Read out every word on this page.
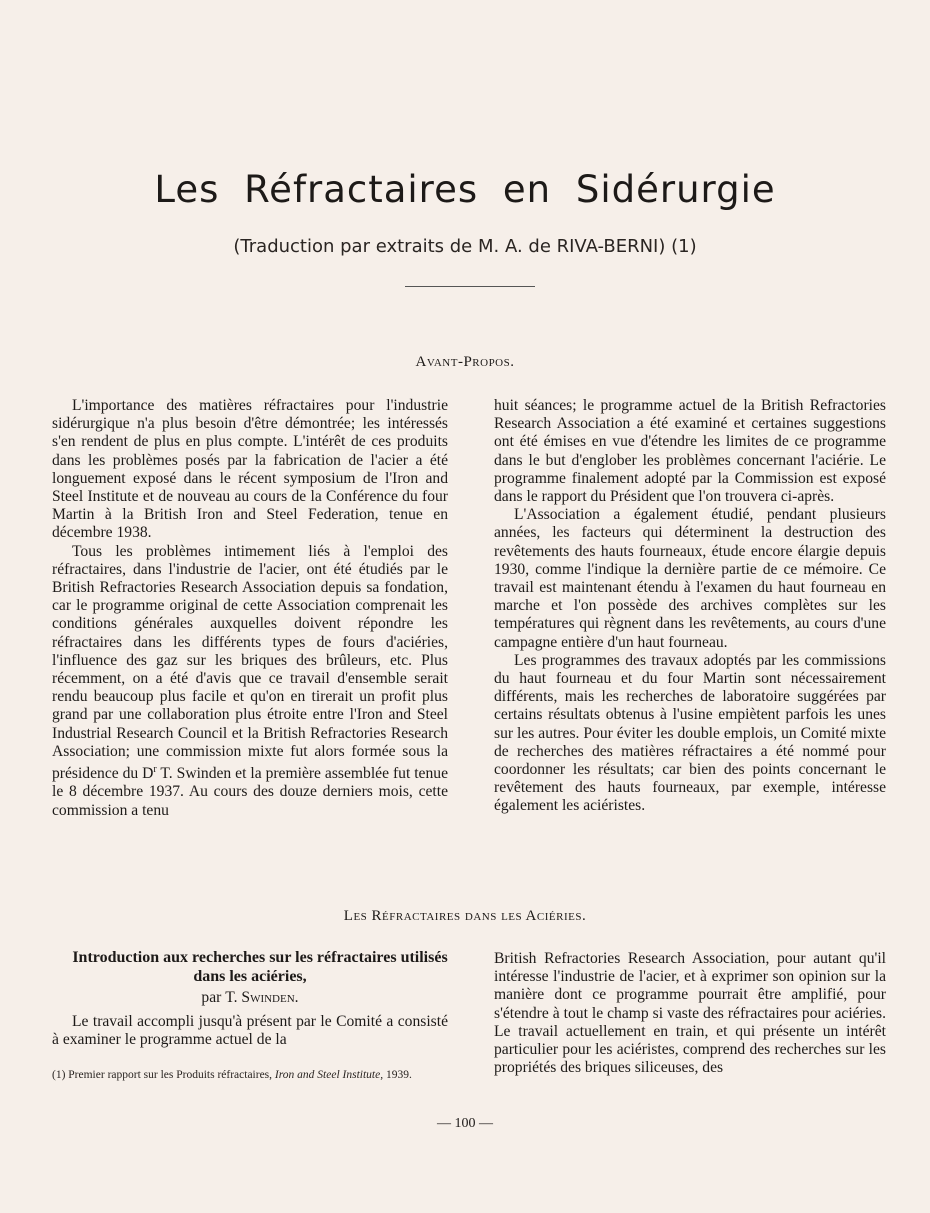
Les Réfractaires en Sidérurgie

(Traduction par extraits de M. A. de RIVA-BERNI) (1)

Avant-Propos.

L'importance des matières réfractaires pour l'industrie sidérurgique n'a plus besoin d'être démontrée; les intéressés s'en rendent de plus en plus compte. L'intérêt de ces produits dans les problèmes posés par la fabrication de l'acier a été longuement exposé dans le récent symposium de l'Iron and Steel Institute et de nouveau au cours de la Conférence du four Martin à la British Iron and Steel Federation, tenue en décembre 1938.

Tous les problèmes intimement liés à l'emploi des réfractaires, dans l'industrie de l'acier, ont été étudiés par le British Refractories Research Association depuis sa fondation, car le programme original de cette Association comprenait les conditions générales auxquelles doivent répondre les réfractaires dans les différents types de fours d'aciéries, l'influence des gaz sur les briques des brûleurs, etc. Plus récemment, on a été d'avis que ce travail d'ensemble serait rendu beaucoup plus facile et qu'on en tirerait un profit plus grand par une collaboration plus étroite entre l'Iron and Steel Industrial Research Council et la British Refractories Research Association; une commission mixte fut alors formée sous la présidence du $D^r$ T. Swinden et la première assemblée fut tenue le 8 décembre 1937. Au cours des douze derniers mois, cette commission a tenu

huit séances; le programme actuel de la British Refractories Research Association a été examiné et certaines suggestions ont été émises en vue d'étendre les limites de ce programme dans le but d'englober les problèmes concernant l'aciérie. Le programme finalement adopté par la Commission est exposé dans le rapport du Président que l'on trouvera ci-après.

L'Association a également étudié, pendant plusieurs années, les facteurs qui déterminent la destruction des revêtements des hauts fourneaux, étude encore élargie depuis 1930, comme l'indique la dernière partie de ce mémoire. Ce travail est maintenant étendu à l'examen du haut fourneau en marche et l'on possède des archives complètes sur les températures qui règnent dans les revêtements, au cours d'une campagne entière d'un haut fourneau.

Les programmes des travaux adoptés par les commissions du haut fourneau et du four Martin sont nécessairement différents, mais les recherches de laboratoire suggérées par certains résultats obtenus à l'usine empiètent parfois les unes sur les autres. Pour éviter les double emplois, un Comité mixte de recherches des matières réfractaires a été nommé pour coordonner les résultats; car bien des points concernant le revêtement des hauts fourneaux, par exemple, intéresse également les aciéristes.

Les Réfractaires dans les Aciéries.

Introduction aux recherches sur les réfractaires utilisés dans les aciéries,

par T. Swinden.

Le travail accompli jusqu'à présent par le Comité a consisté à examiner le programme actuel de la

British Refractories Research Association, pour autant qu'il intéresse l'industrie de l'acier, et à exprimer son opinion sur la manière dont ce programme pourrait être amplifié, pour s'étendre à tout le champ si vaste des réfractaires pour aciéries. Le travail actuellement en train, et qui présente un intérêt particulier pour les aciéristes, comprend des recherches sur les propriétés des briques siliceuses, des

(1) Premier rapport sur les Produits réfractaires, Iron and Steel Institute, 1939.
— 100 —
